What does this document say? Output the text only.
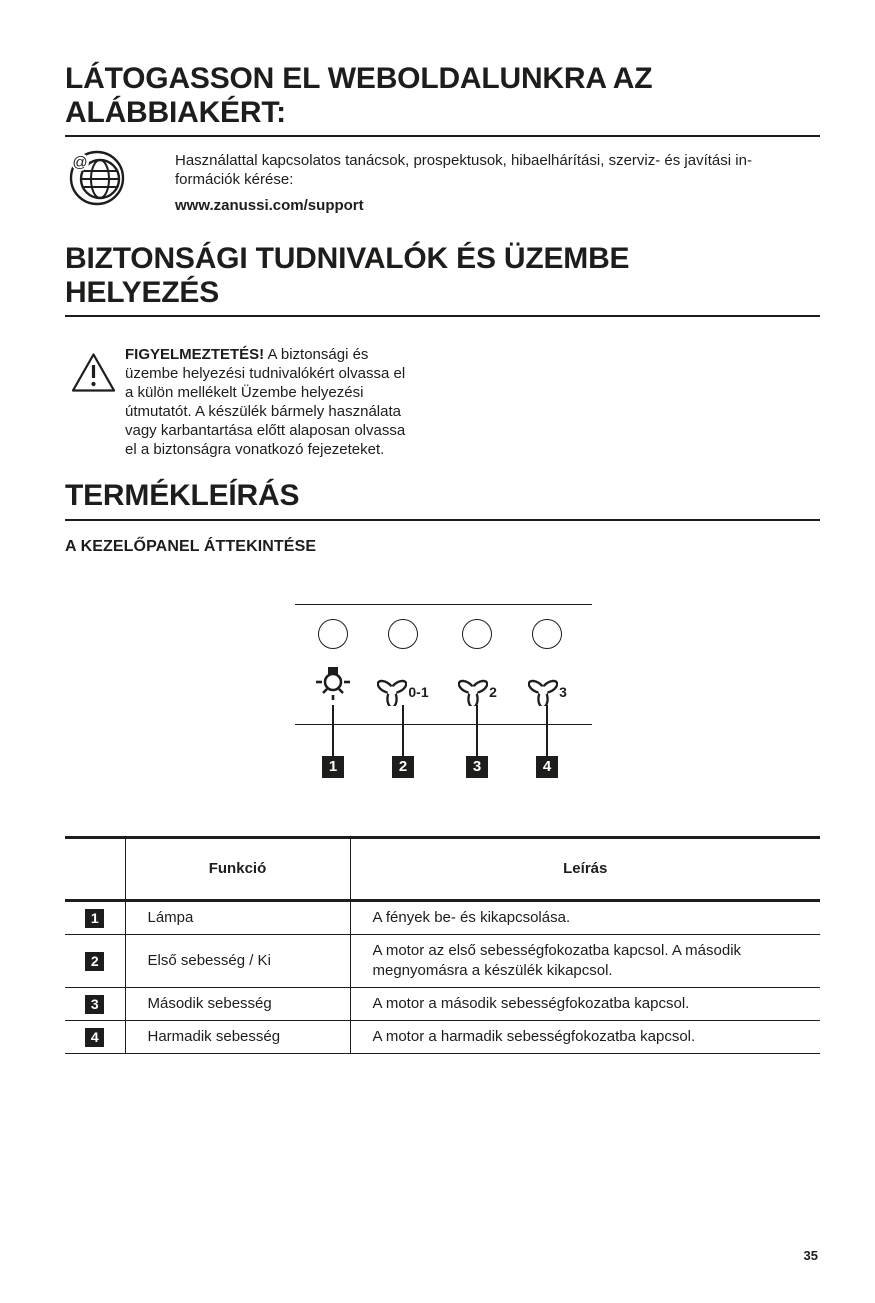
LÁTOGASSON EL WEBOLDALUNKRA AZ ALÁBBIAKÉRT:
@	Használattal kapcsolatos tanácsok, prospektusok, hibaelhárítási, szerviz- és javítási in-
formációk kérése:
www.zanussi.com/support
BIZTONSÁGI TUDNIVALÓK ÉS ÜZEMBE HELYEZÉS
FIGYELMEZTETÉS! A biztonsági és üzembe helyezési tudnivalókért olvassa el a külön mellékelt Üzembe helyezési útmutatót. A készülék bármely használata vagy karbantartása előtt alaposan olvassa el a biztonságra vonatkozó fejezeteket.
TERMÉKLEÍRÁS
A KEZELŐPANEL ÁTTEKINTÉSE
0-1	2	3
1	2	3	4
	Funkció	Leírás
1	Lámpa	A fények be- és kikapcsolása.
2	Első sebesség / Ki	A motor az első sebességfokozatba kapcsol. A második megnyomásra a készülék kikapcsol.
3	Második sebesség	A motor a második sebességfokozatba kapcsol.
4	Harmadik sebesség	A motor a harmadik sebességfokozatba kapcsol.
35
